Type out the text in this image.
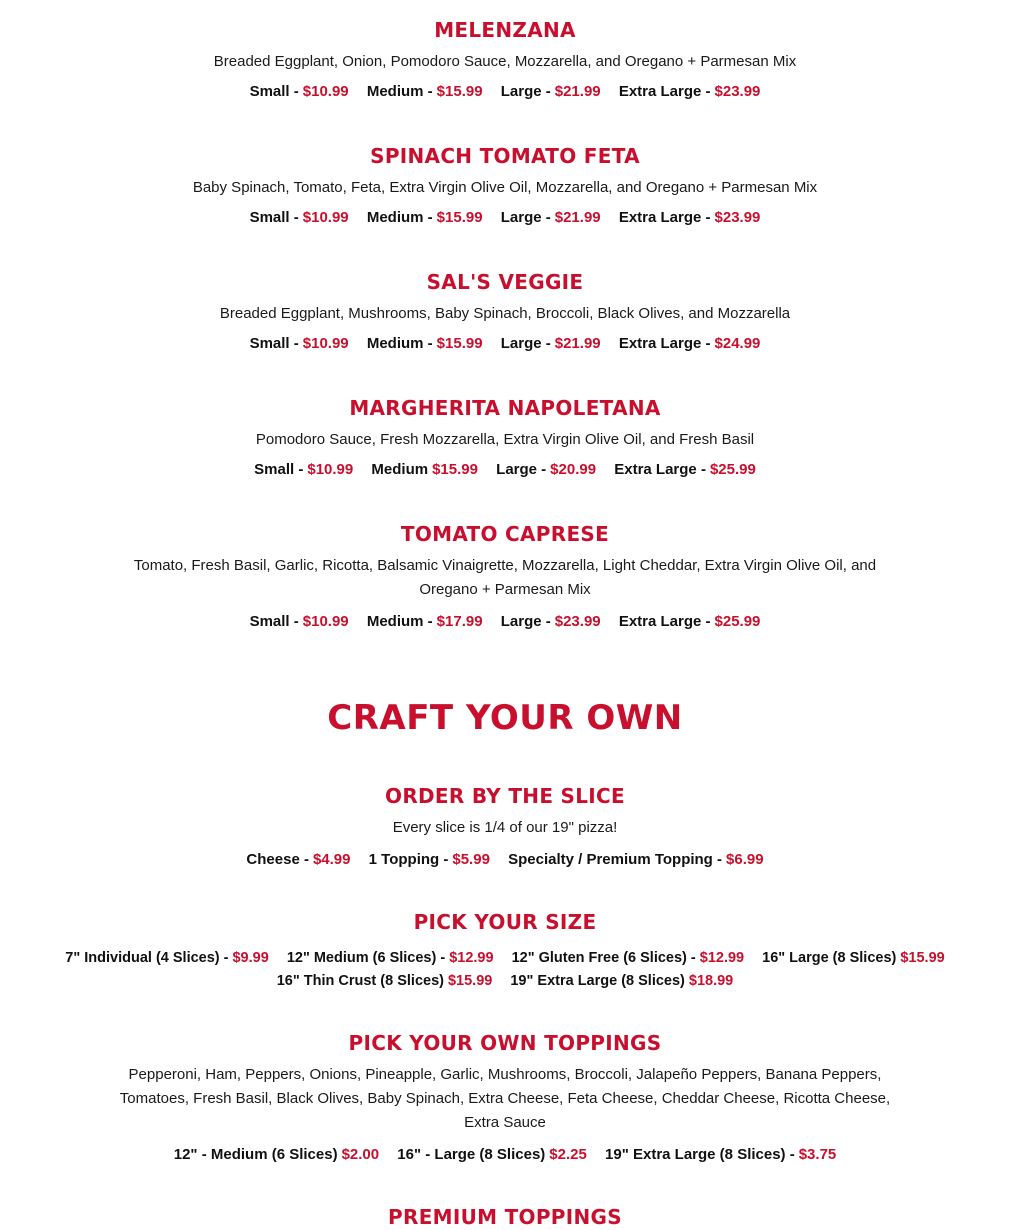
MELENZANA
Breaded Eggplant, Onion, Pomodoro Sauce, Mozzarella, and Oregano + Parmesan Mix
Small - $10.99 Medium - $15.99 Large - $21.99 Extra Large - $23.99
SPINACH TOMATO FETA
Baby Spinach, Tomato, Feta, Extra Virgin Olive Oil, Mozzarella, and Oregano + Parmesan Mix
Small - $10.99 Medium - $15.99 Large - $21.99 Extra Large - $23.99
SAL'S VEGGIE
Breaded Eggplant, Mushrooms, Baby Spinach, Broccoli, Black Olives, and Mozzarella
Small - $10.99 Medium - $15.99 Large - $21.99 Extra Large - $24.99
MARGHERITA NAPOLETANA
Pomodoro Sauce, Fresh Mozzarella, Extra Virgin Olive Oil, and Fresh Basil
Small - $10.99 Medium $15.99 Large - $20.99 Extra Large - $25.99
TOMATO CAPRESE
Tomato, Fresh Basil, Garlic, Ricotta, Balsamic Vinaigrette, Mozzarella, Light Cheddar, Extra Virgin Olive Oil, and Oregano + Parmesan Mix
Small - $10.99 Medium - $17.99 Large - $23.99 Extra Large - $25.99
CRAFT YOUR OWN
ORDER BY THE SLICE
Every slice is 1/4 of our 19" pizza!
Cheese - $4.99 1 Topping - $5.99 Specialty / Premium Topping - $6.99
PICK YOUR SIZE
7" Individual (4 Slices) - $9.99 12" Medium (6 Slices) - $12.99 12" Gluten Free (6 Slices) - $12.99 16" Large (8 Slices) $15.99
16" Thin Crust (8 Slices) $15.99 19" Extra Large (8 Slices) $18.99
PICK YOUR OWN TOPPINGS
Pepperoni, Ham, Peppers, Onions, Pineapple, Garlic, Mushrooms, Broccoli, Jalapeño Peppers, Banana Peppers, Tomatoes, Fresh Basil, Black Olives, Baby Spinach, Extra Cheese, Feta Cheese, Cheddar Cheese, Ricotta Cheese, Extra Sauce
12" - Medium (6 Slices) $2.00 16" - Large (8 Slices) $2.25 19" Extra Large (8 Slices) - $3.75
PREMIUM TOPPINGS
